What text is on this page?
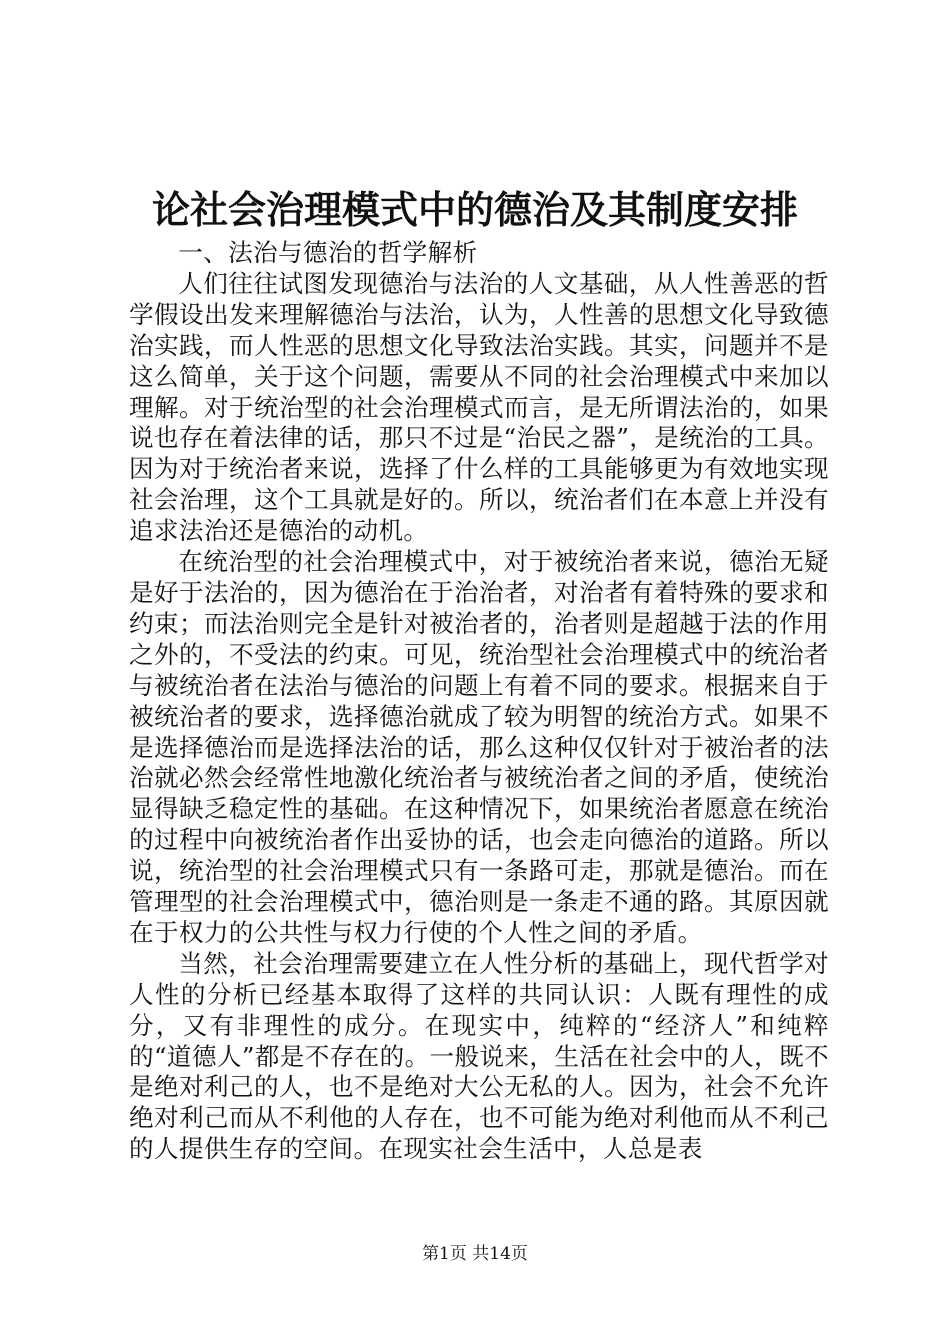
论社会治理模式中的德治及其制度安排

一、法治与德治的哲学解析

人们往往试图发现德治与法治的人文基础，从人性善恶的哲学假设出发来理解德治与法治，认为，人性善的思想文化导致德治实践，而人性恶的思想文化导致法治实践。其实，问题并不是这么简单，关于这个问题，需要从不同的社会治理模式中来加以理解。对于统治型的社会治理模式而言，是无所谓法治的，如果说也存在着法律的话，那只不过是“治民之器”，是统治的工具。因为对于统治者来说，选择了什么样的工具能够更为有效地实现社会治理，这个工具就是好的。所以，统治者们在本意上并没有追求法治还是德治的动机。

在统治型的社会治理模式中，对于被统治者来说，德治无疑是好于法治的，因为德治在于治治者，对治者有着特殊的要求和约束；而法治则完全是针对被治者的，治者则是超越于法的作用之外的，不受法的约束。可见，统治型社会治理模式中的统治者与被统治者在法治与德治的问题上有着不同的要求。根据来自于被统治者的要求，选择德治就成了较为明智的统治方式。如果不是选择德治而是选择法治的话，那么这种仅仅针对于被治者的法治就必然会经常性地激化统治者与被统治者之间的矛盾，使统治显得缺乏稳定性的基础。在这种情况下，如果统治者愿意在统治的过程中向被统治者作出妥协的话，也会走向德治的道路。所以说，统治型的社会治理模式只有一条路可走，那就是德治。而在管理型的社会治理模式中，德治则是一条走不通的路。其原因就在于权力的公共性与权力行使的个人性之间的矛盾。

当然，社会治理需要建立在人性分析的基础上，现代哲学对人性的分析已经基本取得了这样的共同认识：人既有理性的成分，又有非理性的成分。在现实中，纯粹的“经济人”和纯粹的“道德人”都是不存在的。一般说来，生活在社会中的人，既不是绝对利己的人，也不是绝对大公无私的人。因为，社会不允许绝对利己而从不利他的人存在，也不可能为绝对利他而从不利己的人提供生存的空间。在现实社会生活中，人总是表

第1页 共14页
